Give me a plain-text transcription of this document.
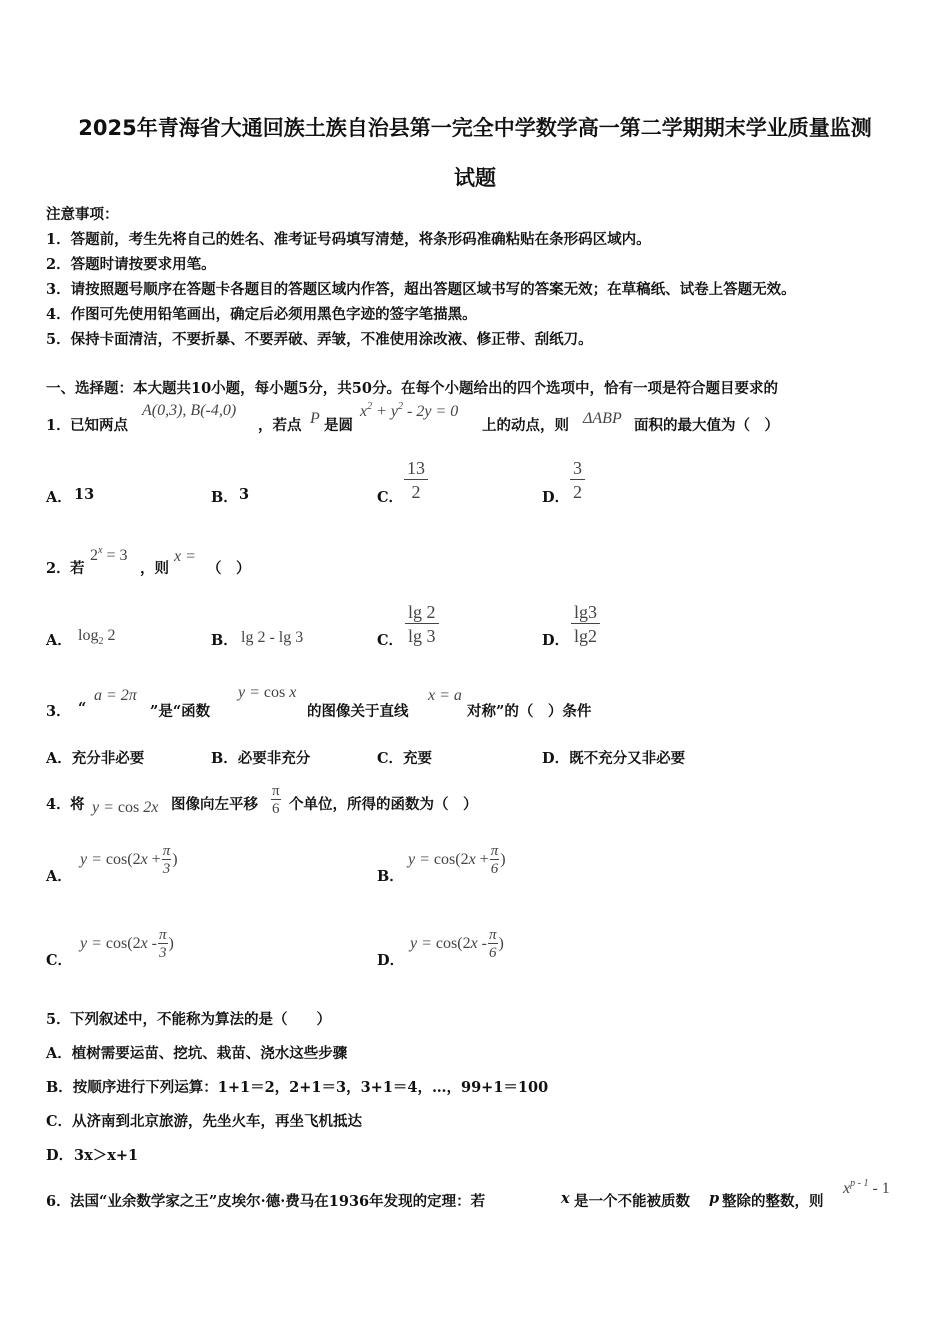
2025年青海省大通回族土族自治县第一完全中学数学高一第二学期期末学业质量监测
试题
注意事项：
1．答题前，考生先将自己的姓名、准考证号码填写清楚，将条形码准确粘贴在条形码区域内。
2．答题时请按要求用笔。
3．请按照题号顺序在答题卡各题目的答题区域内作答，超出答题区域书写的答案无效；在草稿纸、试卷上答题无效。
4．作图可先使用铅笔画出，确定后必须用黑色字迹的签字笔描黑。
5．保持卡面清洁，不要折暴、不要弄破、弄皱，不准使用涂改液、修正带、刮纸刀。
一、选择题：本大题共10小题，每小题5分，共50分。在每个小题给出的四个选项中，恰有一项是符合题目要求的
1． 已知两点
A(0,3), B(-4,0)
，若点 P 是圆
$x^2 + y^2 - 2y = 0$
上的动点，则 ΔABP 面积的最大值为（　）
A． 13	B． 3	C． $\frac{13}{2}$	D． $\frac{3}{2}$
2． 若
$2^x = 3$
，则
x =
（　）
A． $\log_2 2$	B． lg 2 - lg 3	C． $\frac{\lg 2}{\lg 3}$	D． $\frac{\lg 3}{\lg 2}$
3． “
a = 2π
”是“函数
y = cos x
的图像关于直线
x = a
对称”的（　）条件
A．充分非必要	B．必要非充分	C．充要	D．既不充分又非必要
4． 将 y = cos 2x 图像向左平移 $\frac{\pi}{6}$ 个单位，所得的函数为（　）
A．
$y = \cos(2x + \frac{\pi}{3}$ )
B．
$y = \cos(2x + \frac{\pi}{6}$ )
C．
$y = \cos(2x - \frac{\pi}{3}$ )
D．
$y = \cos(2x - \frac{\pi}{6}$ )
5． 下列叙述中，不能称为算法的是（　　）
A．植树需要运苗、挖坑、栽苗、浇水这些步骤
B．按顺序进行下列运算：1+1＝2，2+1＝3，3+1＝4，…，99+1＝100
C．从济南到北京旅游，先坐火车，再坐飞机抵达
D． 3x＞x+1
6． 法国“业余数学家之王”皮埃尔·德·费马在1936年发现的定理：若	x 是一个不能被质数 p 整除的整数，则
$x^{p - 1} - 1$
